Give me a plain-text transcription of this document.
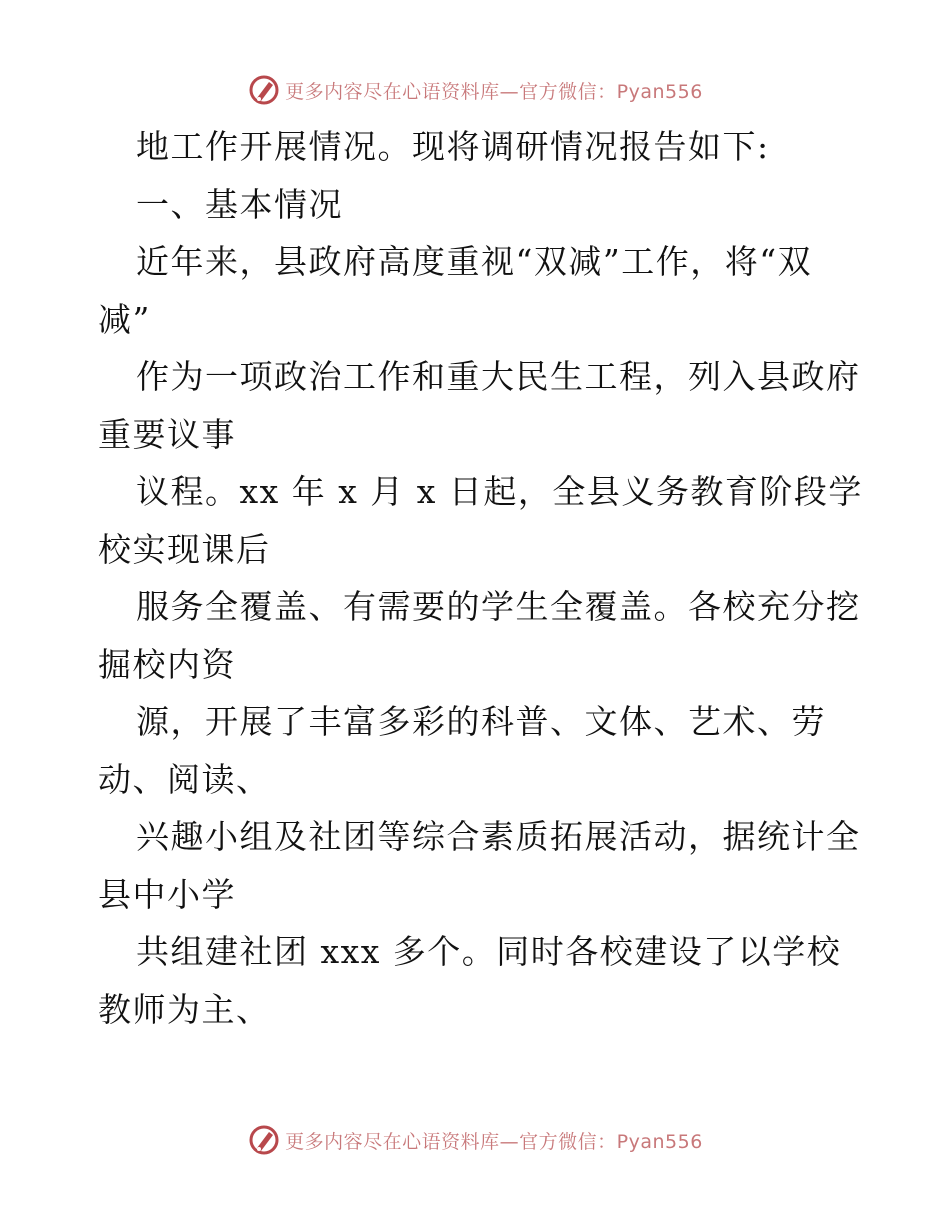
更多内容尽在心语资料库—官方微信：Pyan556
地工作开展情况。现将调研情况报告如下:
一、基本情况
近年来，县政府高度重视“双减”工作，将“双
减”
作为一项政治工作和重大民生工程，列入县政府
重要议事
议程。xx 年 x 月 x 日起，全县义务教育阶段学
校实现课后
服务全覆盖、有需要的学生全覆盖。各校充分挖
掘校内资
源，开展了丰富多彩的科普、文体、艺术、劳
动、阅读、
兴趣小组及社团等综合素质拓展活动，据统计全
县中小学
共组建社团 xxx 多个。同时各校建设了以学校
教师为主、
更多内容尽在心语资料库—官方微信：Pyan556
